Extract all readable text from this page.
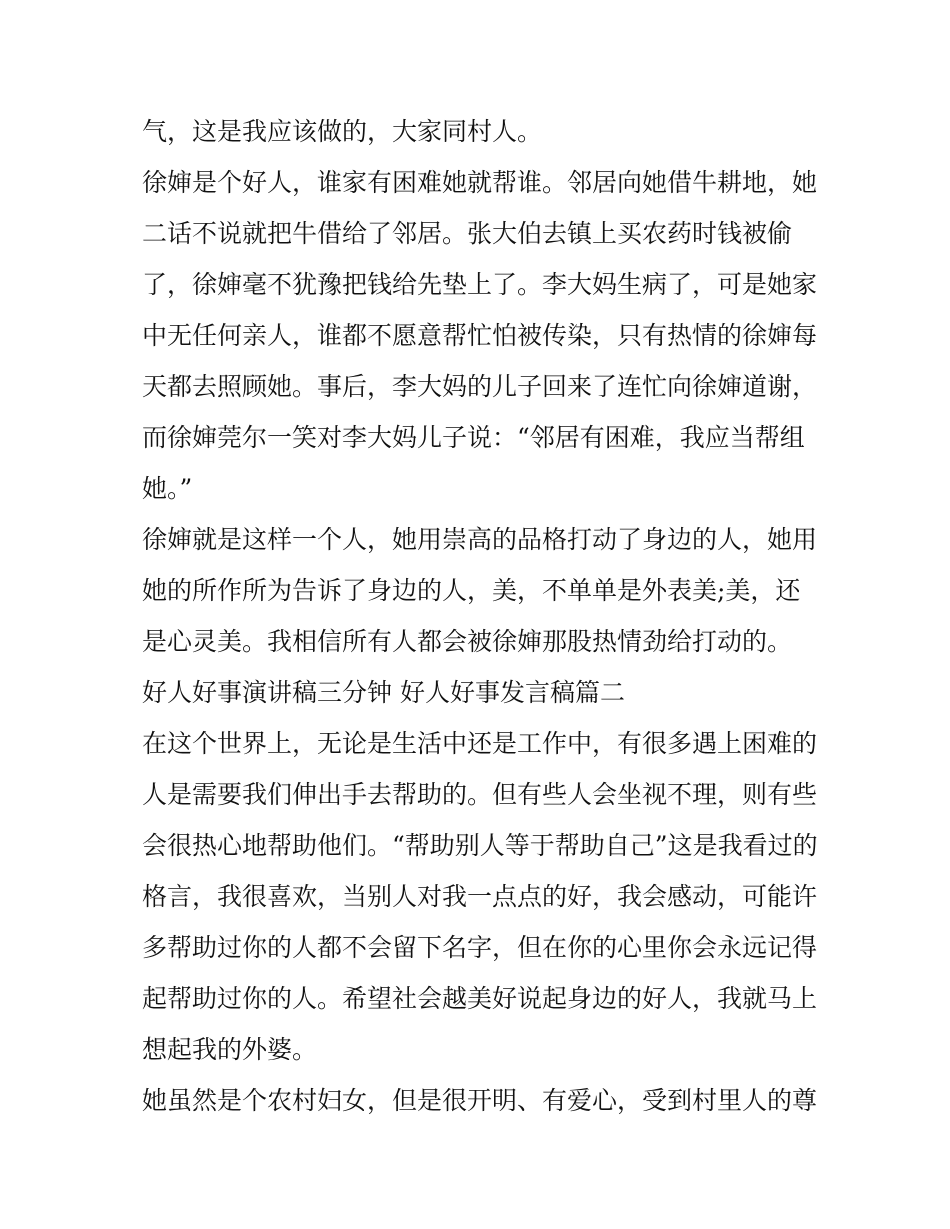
气，这是我应该做的，大家同村人。
徐婶是个好人，谁家有困难她就帮谁。邻居向她借牛耕地，她
二话不说就把牛借给了邻居。张大伯去镇上买农药时钱被偷
了，徐婶毫不犹豫把钱给先垫上了。李大妈生病了，可是她家
中无任何亲人，谁都不愿意帮忙怕被传染，只有热情的徐婶每
天都去照顾她。事后，李大妈的儿子回来了连忙向徐婶道谢，
而徐婶莞尔一笑对李大妈儿子说：“邻居有困难，我应当帮组
她。”
徐婶就是这样一个人，她用崇高的品格打动了身边的人，她用
她的所作所为告诉了身边的人，美，不单单是外表美;美，还
是心灵美。我相信所有人都会被徐婶那股热情劲给打动的。
好人好事演讲稿三分钟 好人好事发言稿篇二
在这个世界上，无论是生活中还是工作中，有很多遇上困难的
人是需要我们伸出手去帮助的。但有些人会坐视不理，则有些
会很热心地帮助他们。“帮助别人等于帮助自己”这是我看过的
格言，我很喜欢，当别人对我一点点的好，我会感动，可能许
多帮助过你的人都不会留下名字，但在你的心里你会永远记得
起帮助过你的人。希望社会越美好说起身边的好人，我就马上
想起我的外婆。
她虽然是个农村妇女，但是很开明、有爱心，受到村里人的尊
